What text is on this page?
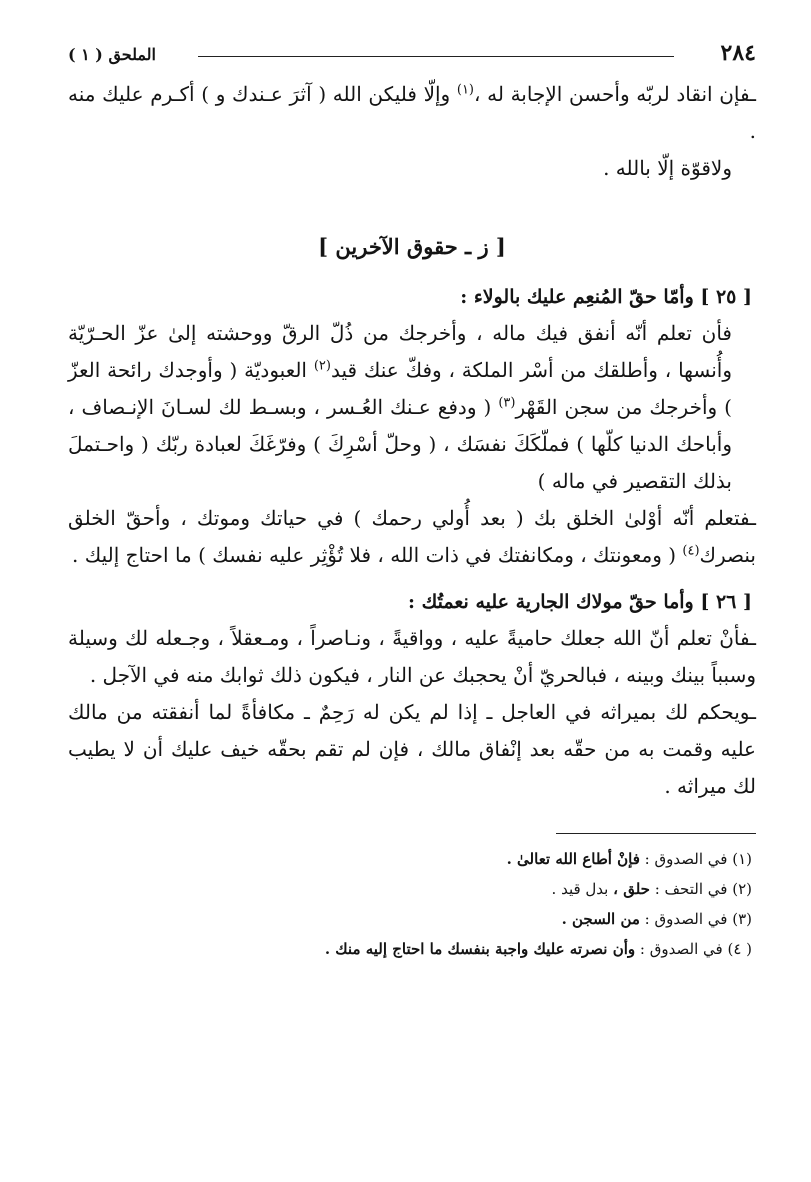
٢٨٤
الملحق ( ١ )

ـفإن انقاد لربّه وأحسن الإجابة له ،$^{(١)}$ وإلّا فليكن الله ( آثرَ عـندك و ) أكـرم عليك منه .

ولاقوّة إلّا بالله .

[ ز ـ حقوق الآخرين ]
[ ٢٥ ] وأمّا حقّ المُنعِم عليك بالولاء :

فأن تعلم أنّه أنفق فيك ماله ، وأخرجك من ذُلّ الرقّ ووحشته إلىٰ عزّ الحـرّيّة وأُنسها ، وأطلقك من أسْر الملكة ، وفكّ عنك قيد$^{(٢)}$ العبوديّة ( وأوجدك رائحة العزّ ) وأخرجك من سجن القَهْر$^{(٣)}$ ( ودفع عـنك العُـسر ، وبسـط لك لسـانَ الإنـصاف ، وأباحك الدنيا كلّها ) فملّكَكَ نفسَك ، ( وحلّ أسْرِكَ ) وفرّغَكَ لعبادة ربّك ( واحـتملَ بذلك التقصير في ماله )

ـفتعلم أنّه أوْلىٰ الخلق بك ( بعد أُولي رحمك ) في حياتك وموتك ، وأحقّ الخلق بنصرك$^{(٤)}$ ( ومعونتك ، ومكانفتك في ذات الله ، فلا تُؤْثِر عليه نفسك ) ما احتاج إليك .

[ ٢٦ ] وأما حقّ مولاك الجارية عليه نعمتُك :

ـفأنْ تعلم أنّ الله جعلك حاميةً عليه ، وواقيةً ، ونـاصراً ، ومـعقلاً ، وجـعله لك وسيلة وسبباً بينك وبينه ، فبالحريّ أنْ يحجبك عن النار ، فيكون ذلك ثوابك منه في الآجل .

ـويحكم لك بميراثه في العاجل ـ إذا لم يكن له رَحِمٌ ـ مكافأةً لما أنفقته من مالك عليه وقمت به من حقّه بعد إنْفاق مالك ، فإن لم تقم بحقّه خيف عليك أن لا يطيب لك ميراثه .

(١) في الصدوق : فإنْ أطاع الله تعالىٰ .
(٢) في التحف : حلق ، بدل قيد .
(٣) في الصدوق : من السجن .
( ٤) في الصدوق : وأن نصرته عليك واجبة بنفسك ما احتاج إليه منك .
